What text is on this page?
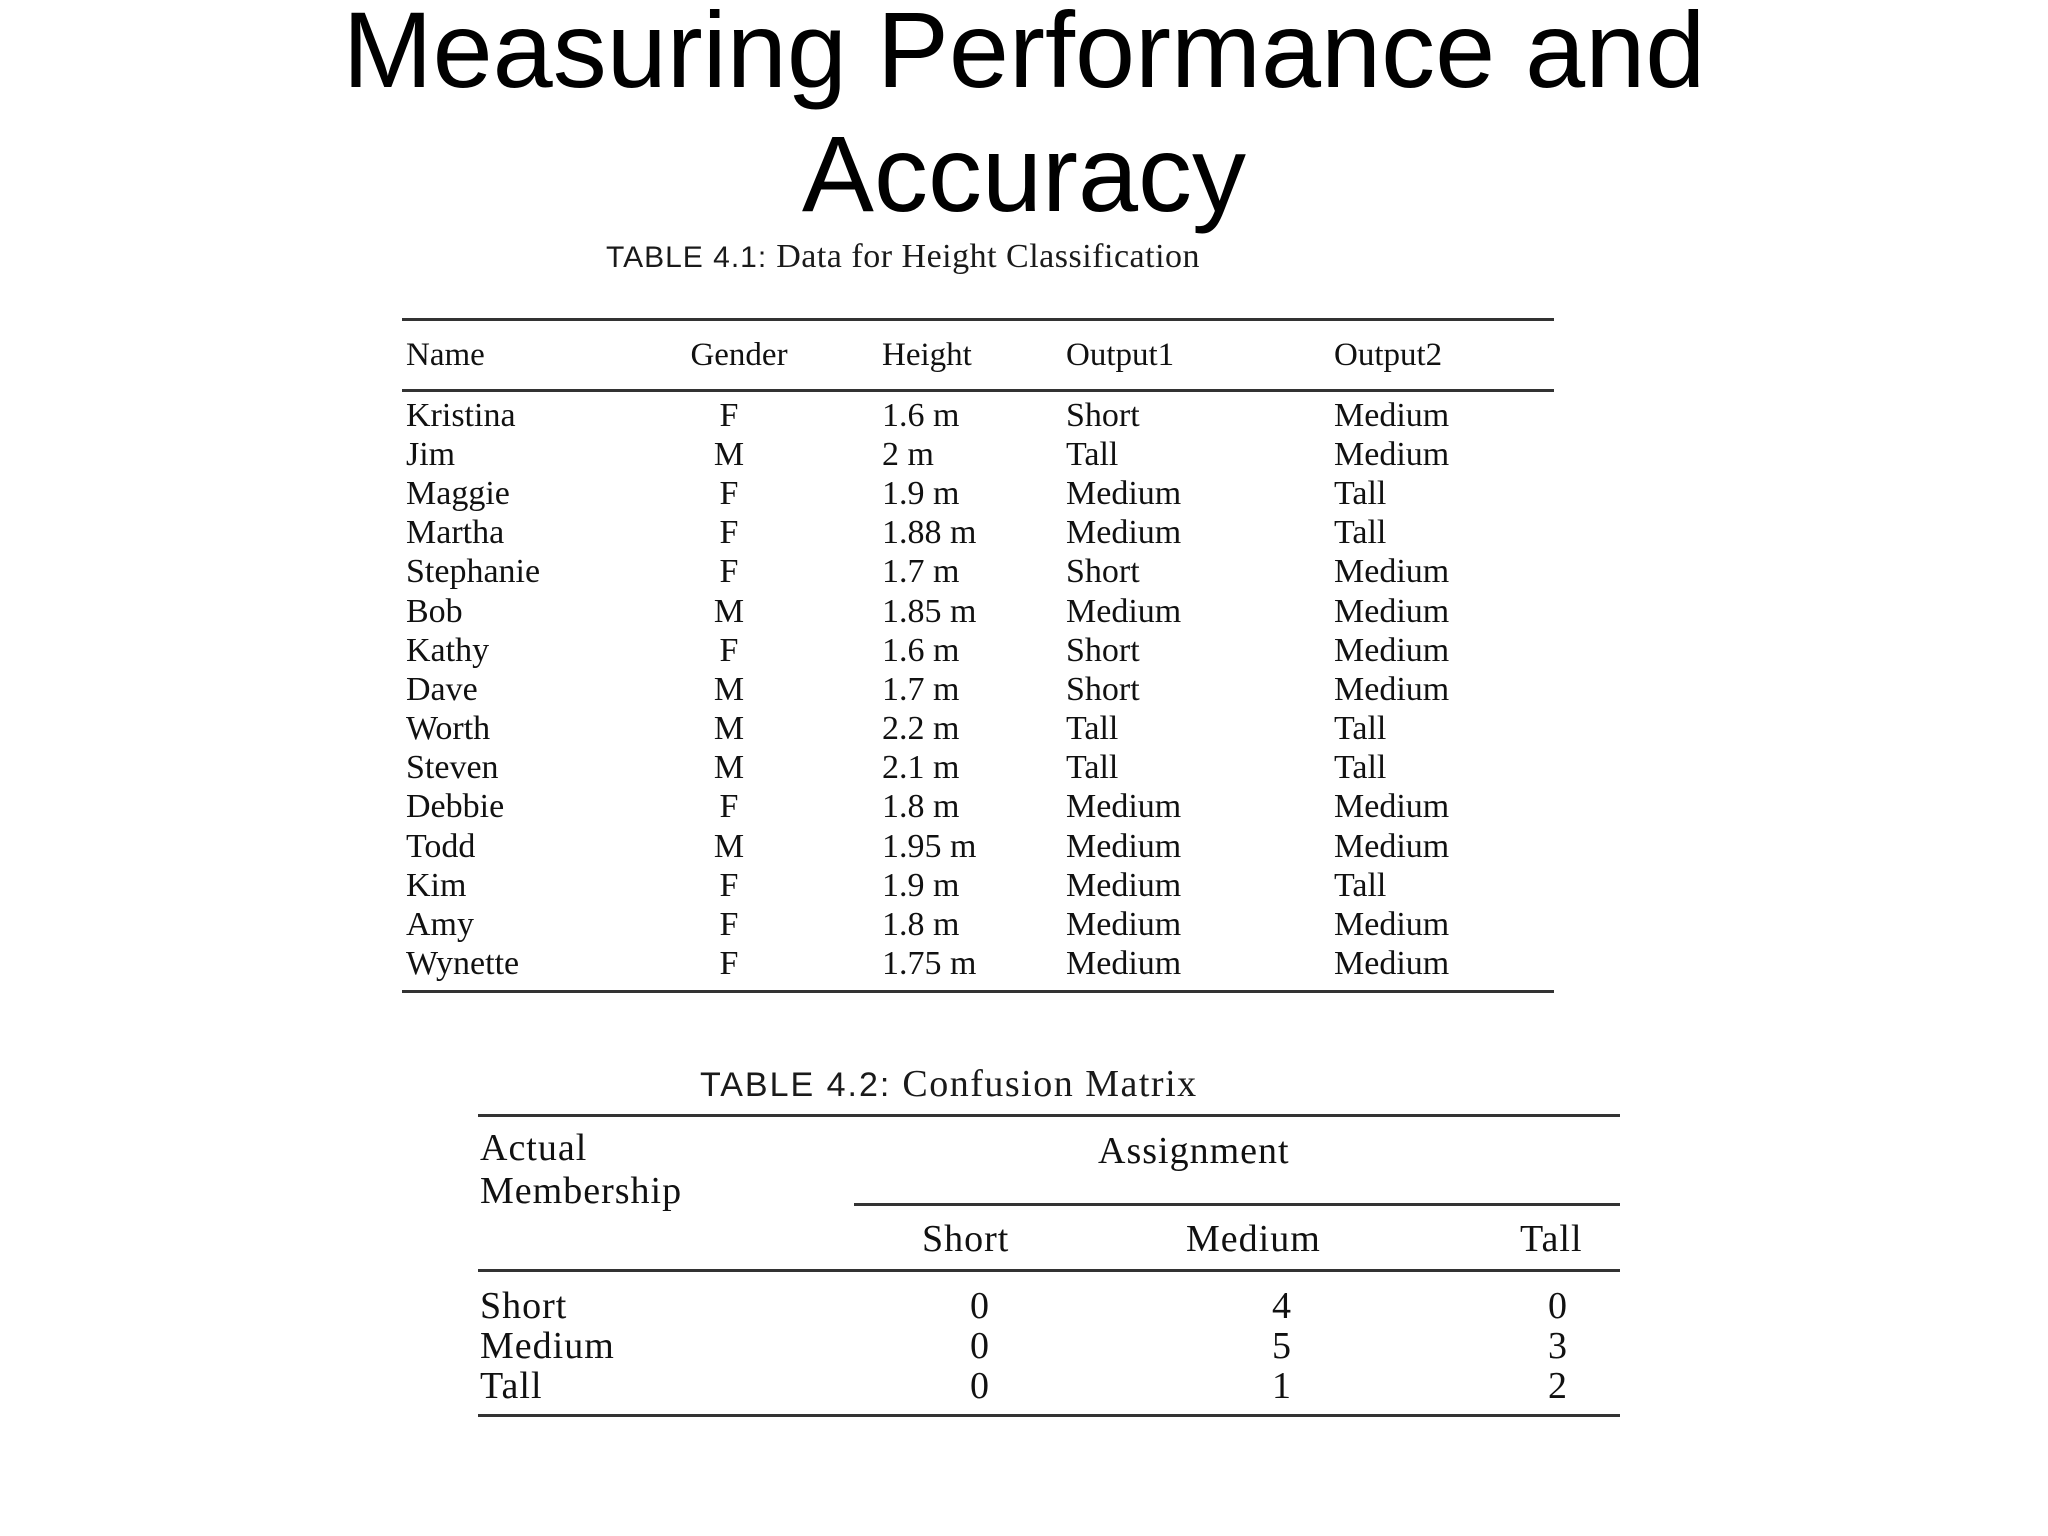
Measuring Performance and
Accuracy
TABLE 4.1: Data for Height Classification
Name	Gender	Height	Output1	Output2
Kristina	F	1.6 m	Short	Medium
Jim	M	2 m	Tall	Medium
Maggie	F	1.9 m	Medium	Tall
Martha	F	1.88 m	Medium	Tall
Stephanie	F	1.7 m	Short	Medium
Bob	M	1.85 m	Medium	Medium
Kathy	F	1.6 m	Short	Medium
Dave	M	1.7 m	Short	Medium
Worth	M	2.2 m	Tall	Tall
Steven	M	2.1 m	Tall	Tall
Debbie	F	1.8 m	Medium	Medium
Todd	M	1.95 m	Medium	Medium
Kim	F	1.9 m	Medium	Tall
Amy	F	1.8 m	Medium	Medium
Wynette	F	1.75 m	Medium	Medium
TABLE 4.2: Confusion Matrix
Actual
Membership
Assignment
Short	Medium	Tall
Short	0	4	0
Medium	0	5	3
Tall	0	1	2
